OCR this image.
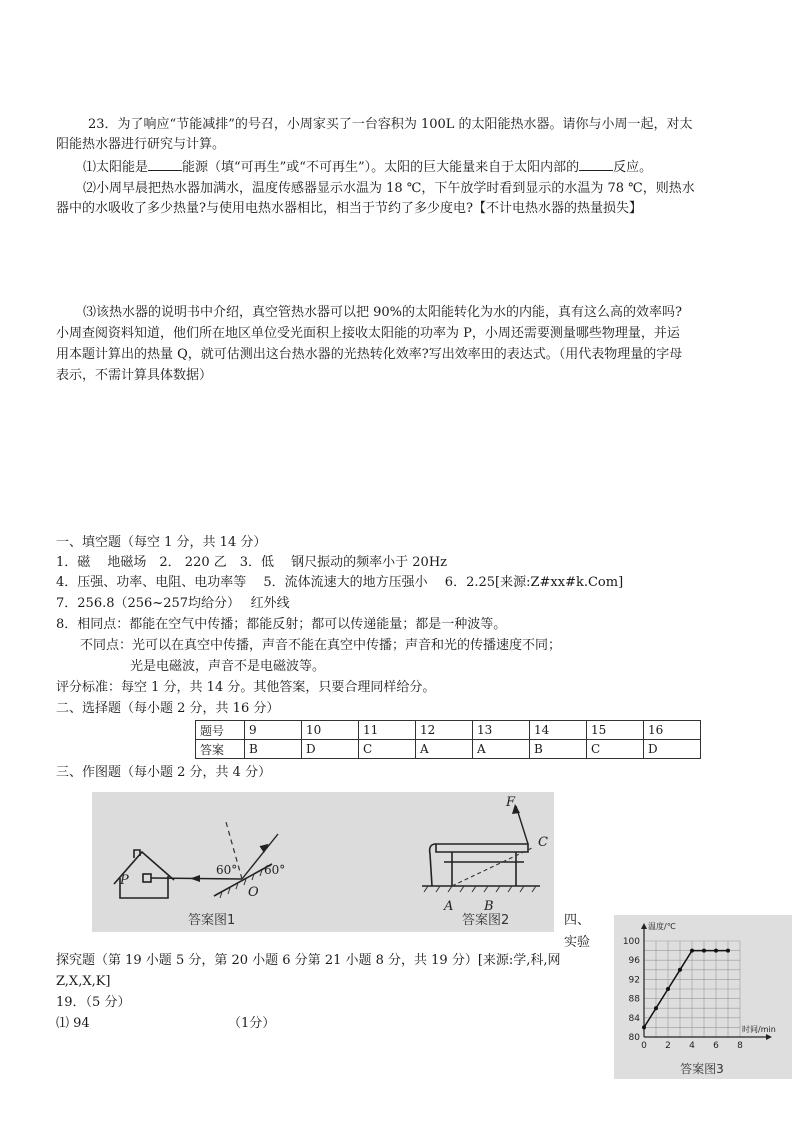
23．为了响应“节能减排”的号召，小周家买了一台容积为 100L 的太阳能热水器。请你与小周一起，对太
阳能热水器进行研究与计算。
⑴太阳能是	能源（填“可再生”或“不可再生”）。太阳的巨大能量来自于太阳内部的	反应。
⑵小周早晨把热水器加满水，温度传感器显示水温为 18 ℃，下午放学时看到显示的水温为 78 ℃，则热水
器中的水吸收了多少热量?与使用电热水器相比，相当于节约了多少度电?【不计电热水器的热量损失】
⑶该热水器的说明书中介绍，真空管热水器可以把 90%的太阳能转化为水的内能，真有这么高的效率吗?
小周查阅资料知道，他们所在地区单位受光面积上接收太阳能的功率为 P，小周还需要测量哪些物理量，并运
用本题计算出的热量 Q，就可估测出这台热水器的光热转化效率?写出效率田的表达式。（用代表物理量的字母
表示，不需计算具体数据）
一、填空题（每空 1 分，共 14 分）
1．磁　 地磁场　2． 220 乙　3．低　 钢尺振动的频率小于 20Hz
4．压强、功率、电阻、电功率等　 5．流体流速大的地方压强小　 6．2.25[来源:Z#xx#k.Com]
7．256.8（256~257均给分）　 红外线
8．相同点：都能在空气中传播；都能反射；都可以传递能量；都是一种波等。
不同点：光可以在真空中传播，声音不能在真空中传播；声音和光的传播速度不同；
光是电磁波，声音不是电磁波等。
评分标准：每空 1 分，共 14 分。其他答案，只要合理同样给分。
二、选择题（每小题 2 分，共 16 分）
题号	9	10	11	12	13	14	15	16
答案	B	D	C	A	A	B	C	D
三、作图题（每小题 2 分，共 4 分）
P
60° 60°
O
答案图1
F
C
A B
答案图2	四、
实验
探究题（第 19 小题 5 分，第 20 小题 6 分第 21 小题 8 分，共 19 分）[来源:学,科,网
Z,X,X,K]
19．（5 分）
⑴ 94	（1分）
80
84
88
92
96
100
0 2 4 6 8
温度/℃
时间/min
答案图3
